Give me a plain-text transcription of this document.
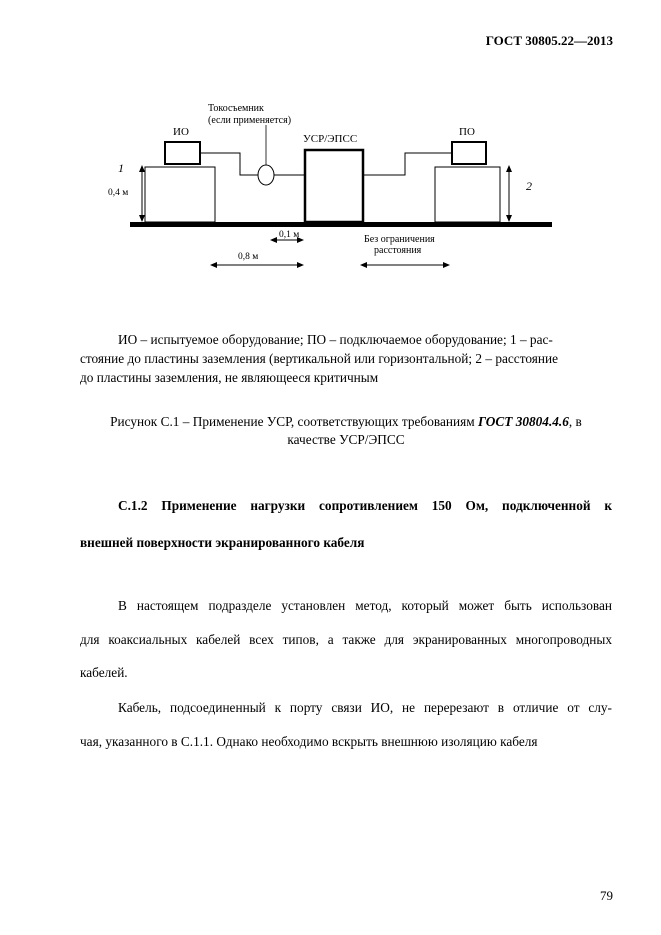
ГОСТ 30805.22—2013
ИО	ПО
Токосъемник
(если применяется)
УСР/ЭПСС
1
2
0,4 м
0,1 м
0,8 м
Без ограничения
расстояния
ИО – испытуемое оборудование; ПО – подключаемое оборудование; 1 – рас-
стояние до пластины заземления (вертикальной или горизонтальной; 2 – расстояние
до пластины заземления, не являющееся критичным
Рисунок С.1 – Применение УСР, соответствующих требованиям ГОСТ 30804.4.6, в
качестве УСР/ЭПСС
С.1.2 Применение нагрузки сопротивлением 150 Ом, подключенной к
внешней поверхности экранированного кабеля
В настоящем подразделе установлен метод, который может быть использован
для коаксиальных кабелей всех типов, а также для экранированных многопроводных
кабелей.
Кабель, подсоединенный к порту связи ИО, не перерезают в отличие от слу-
чая, указанного в С.1.1. Однако необходимо вскрыть внешнюю изоляцию кабеля
79
